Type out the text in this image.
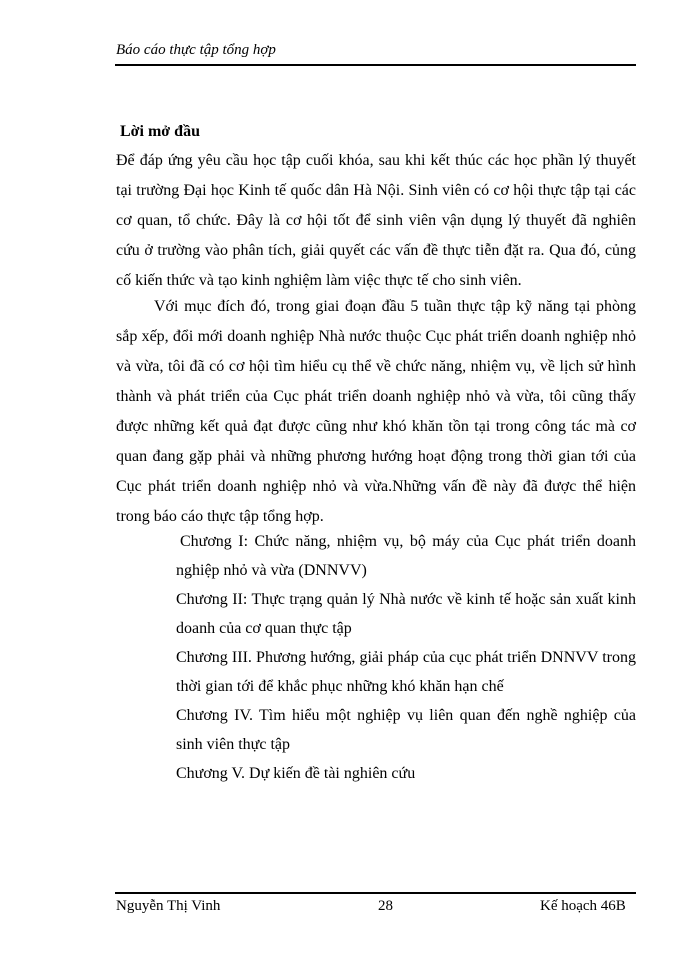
Báo cáo thực tập tổng hợp
Lời mở đầu

Để đáp ứng yêu cầu học tập cuối khóa, sau khi kết thúc các học phần lý thuyết tại trường Đại học Kinh tế quốc dân Hà Nội. Sinh viên có cơ hội thực tập tại các cơ quan, tổ chức. Đây là cơ hội tốt để sinh viên vận dụng lý thuyết đã nghiên cứu ở trường vào phân tích, giải quyết các vấn đề thực tiễn đặt ra. Qua đó, củng cố kiến thức và tạo kinh nghiệm làm việc thực tế cho sinh viên.

Với mục đích đó, trong giai đoạn đầu 5 tuần thực tập kỹ năng tại phòng sắp xếp, đổi mới doanh nghiệp Nhà nước thuộc Cục phát triển doanh nghiệp nhỏ và vừa, tôi đã có cơ hội tìm hiểu cụ thể về chức năng, nhiệm vụ, về lịch sử hình thành và phát triển của Cục phát triển doanh nghiệp nhỏ và vừa, tôi cũng thấy được những kết quả đạt được cũng như khó khăn tồn tại trong công tác mà cơ quan đang gặp phải và những phương hướng hoạt động trong thời gian tới của Cục phát triển doanh nghiệp nhỏ và vừa.Những vấn đề này đã được thể hiện trong báo cáo thực tập tổng hợp.

Chương I: Chức năng, nhiệm vụ, bộ máy của Cục phát triển doanh nghiệp nhỏ và vừa (DNNVV)
Chương II: Thực trạng quản lý Nhà nước về kinh tế hoặc sản xuất kinh doanh của cơ quan thực tập
Chương III. Phương hướng, giải pháp của cục phát triển DNNVV trong thời gian tới để khắc phục những khó khăn hạn chế
Chương IV. Tìm hiểu một nghiệp vụ liên quan đến nghề nghiệp của sinh viên thực tập
Chương V. Dự kiến đề tài nghiên cứu
Nguyễn Thị Vinh	28	Kế hoạch 46B
